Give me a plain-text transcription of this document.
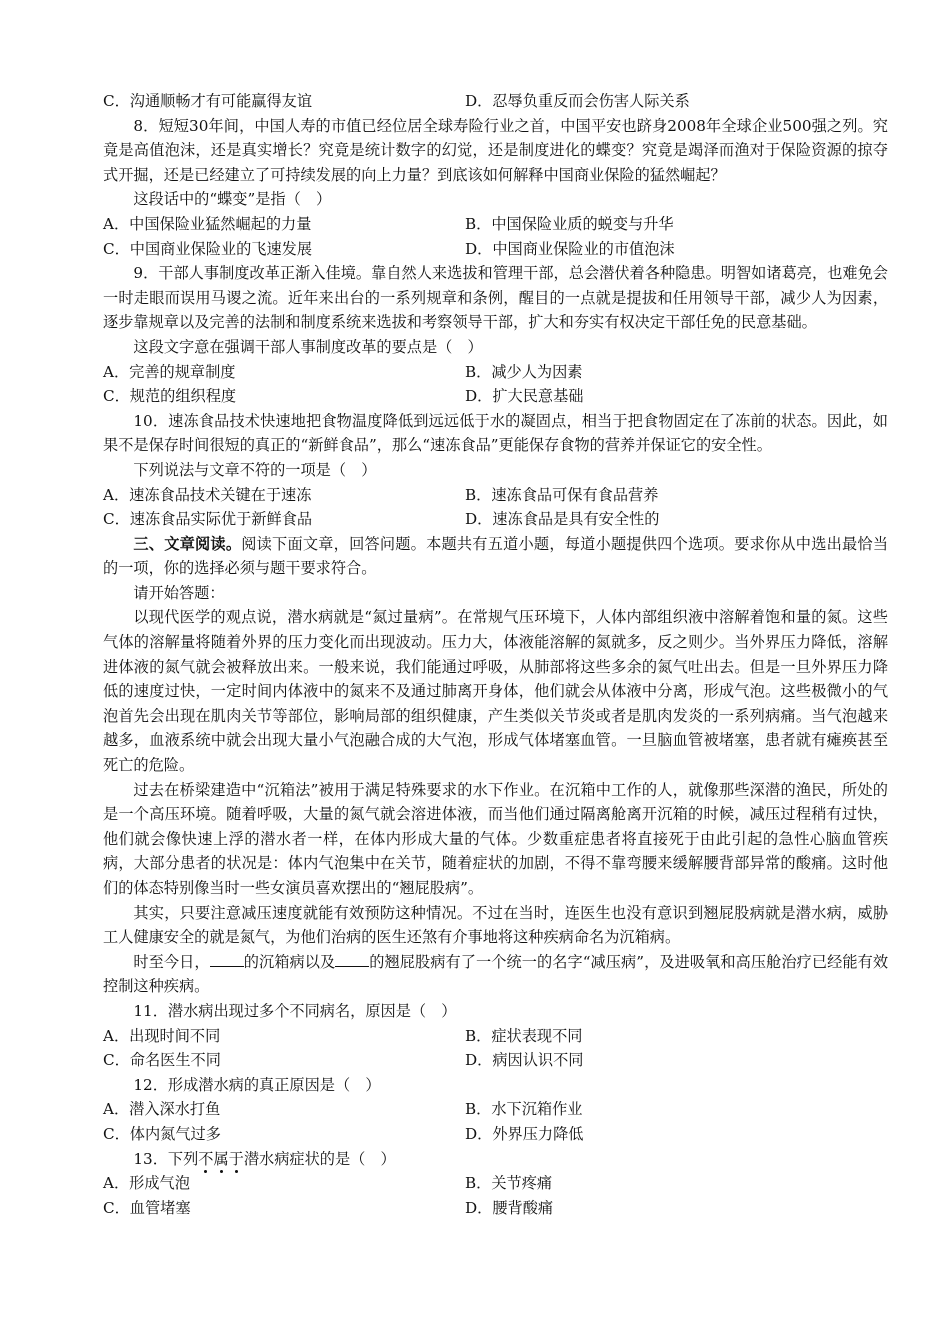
C．沟通顺畅才有可能赢得友谊	D．忍辱负重反而会伤害人际关系

8．短短30年间，中国人寿的市值已经位居全球寿险行业之首，中国平安也跻身2008年全球企业500强之列。究竟是高值泡沫，还是真实增长？究竟是统计数字的幻觉，还是制度进化的蝶变？究竟是竭泽而渔对于保险资源的掠夺式开掘，还是已经建立了可持续发展的向上力量？到底该如何解释中国商业保险的猛然崛起？

这段话中的“蝶变”是指（　）

A．中国保险业猛然崛起的力量	B．中国保险业质的蜕变与升华

C．中国商业保险业的飞速发展	D．中国商业保险业的市值泡沫

9．干部人事制度改革正渐入佳境。靠自然人来选拔和管理干部，总会潜伏着各种隐患。明智如诸葛亮，也难免会一时走眼而误用马谡之流。近年来出台的一系列规章和条例，醒目的一点就是提拔和任用领导干部，减少人为因素，逐步靠规章以及完善的法制和制度系统来选拔和考察领导干部，扩大和夯实有权决定干部任免的民意基础。

这段文字意在强调干部人事制度改革的要点是（　）

A．完善的规章制度	B．减少人为因素

C．规范的组织程度	D．扩大民意基础

10．速冻食品技术快速地把食物温度降低到远远低于水的凝固点，相当于把食物固定在了冻前的状态。因此，如果不是保存时间很短的真正的“新鲜食品”，那么“速冻食品”更能保存食物的营养并保证它的安全性。

下列说法与文章不符的一项是（　）

A．速冻食品技术关键在于速冻	B．速冻食品可保有食品营养

C．速冻食品实际优于新鲜食品	D．速冻食品是具有安全性的

三、文章阅读。阅读下面文章，回答问题。本题共有五道小题，每道小题提供四个选项。要求你从中选出最恰当的一项，你的选择必须与题干要求符合。

请开始答题：

以现代医学的观点说，潜水病就是“氮过量病”。在常规气压环境下，人体内部组织液中溶解着饱和量的氮。这些气体的溶解量将随着外界的压力变化而出现波动。压力大，体液能溶解的氮就多，反之则少。当外界压力降低，溶解进体液的氮气就会被释放出来。一般来说，我们能通过呼吸，从肺部将这些多余的氮气吐出去。但是一旦外界压力降低的速度过快，一定时间内体液中的氮来不及通过肺离开身体，他们就会从体液中分离，形成气泡。这些极微小的气泡首先会出现在肌肉关节等部位，影响局部的组织健康，产生类似关节炎或者是肌肉发炎的一系列病痛。当气泡越来越多，血液系统中就会出现大量小气泡融合成的大气泡，形成气体堵塞血管。一旦脑血管被堵塞，患者就有瘫痪甚至死亡的危险。

过去在桥梁建造中“沉箱法”被用于满足特殊要求的水下作业。在沉箱中工作的人，就像那些深潜的渔民，所处的是一个高压环境。随着呼吸，大量的氮气就会溶进体液，而当他们通过隔离舱离开沉箱的时候，减压过程稍有过快，他们就会像快速上浮的潜水者一样，在体内形成大量的气体。少数重症患者将直接死于由此引起的急性心脑血管疾病，大部分患者的状况是：体内气泡集中在关节，随着症状的加剧，不得不靠弯腰来缓解腰背部异常的酸痛。这时他们的体态特别像当时一些女演员喜欢摆出的“翘屁股病”。

其实，只要注意减压速度就能有效预防这种情况。不过在当时，连医生也没有意识到翘屁股病就是潜水病，威胁工人健康安全的就是氮气，为他们治病的医生还煞有介事地将这种疾病命名为沉箱病。

时至今日， 的沉箱病以及 的翘屁股病有了一个统一的名字“减压病”，及进吸氧和高压舱治疗已经能有效控制这种疾病。

11．潜水病出现过多个不同病名，原因是（　）

A．出现时间不同	B．症状表现不同

C．命名医生不同	D．病因认识不同

12．形成潜水病的真正原因是（　）

A．潜入深水打鱼	B．水下沉箱作业

C．体内氮气过多	D．外界压力降低

13．下列不属于潜水病症状的是（　）

A．形成气泡	B．关节疼痛

C．血管堵塞	D．腰背酸痛
